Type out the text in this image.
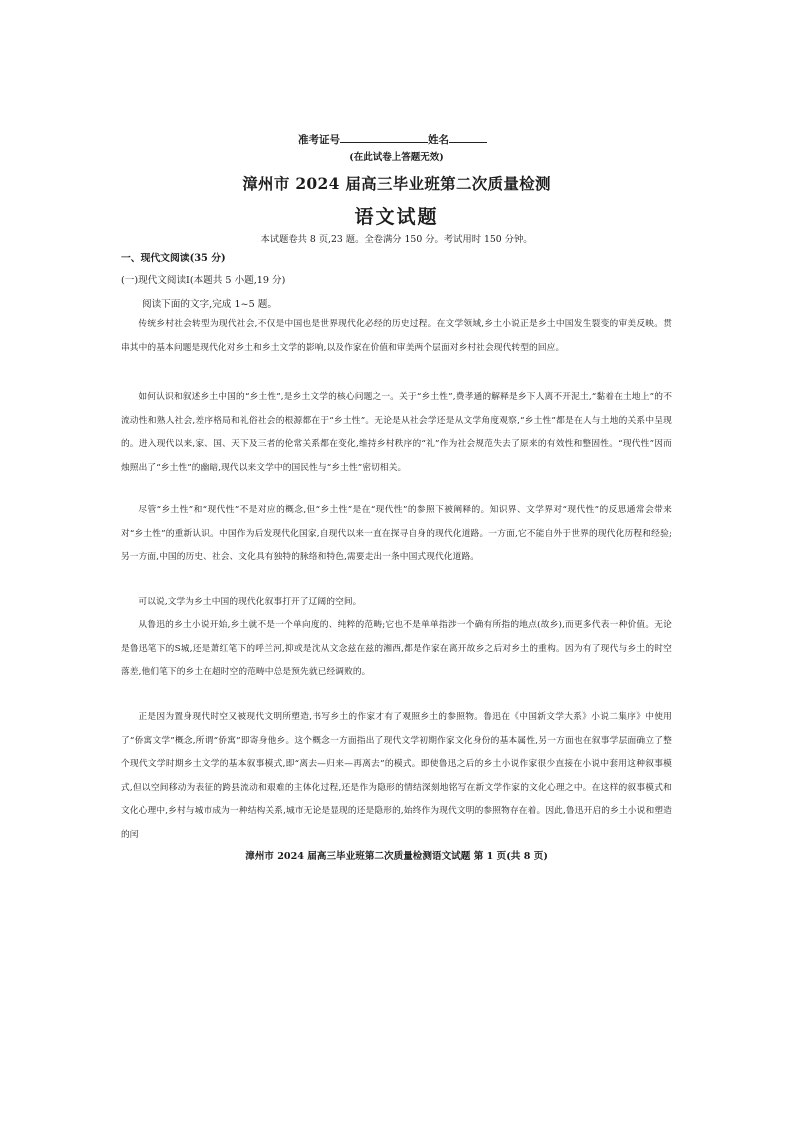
准考证号	姓名
(在此试卷上答题无效)
漳州市 2024 届高三毕业班第二次质量检测
语文试题
本试题卷共 8 页,23 题。全卷满分 150 分。考试用时 150 分钟。
一、现代文阅读(35 分)
(一)现代文阅读Ⅰ(本题共 5 小题,19 分)
阅读下面的文字,完成 1~5 题。

传统乡村社会转型为现代社会,不仅是中国也是世界现代化必经的历史过程。在文学领域,乡土小说正是乡土中国发生裂变的审美反映。贯串其中的基本问题是现代化对乡土和乡土文学的影响,以及作家在价值和审美两个层面对乡村社会现代转型的回应。

如何认识和叙述乡土中国的“乡土性”,是乡土文学的核心问题之一。关于“乡土性”,费孝通的解释是乡下人离不开泥土,“黏着在土地上”的不流动性和熟人社会,差序格局和礼俗社会的根源都在于“乡土性”。无论是从社会学还是从文学角度观察,“乡土性”都是在人与土地的关系中呈现的。进入现代以来,家、国、天下及三者的伦常关系都在变化,维持乡村秩序的“礼”作为社会规范失去了原来的有效性和整固性。“现代性”因而烛照出了“乡土性”的幽暗,现代以来文学中的国民性与“乡土性”密切相关。

尽管“乡土性”和“现代性”不是对应的概念,但“乡土性”是在“现代性”的参照下被阐释的。知识界、文学界对“现代性”的反思通常会带来对“乡土性”的重新认识。中国作为后发现代化国家,自现代以来一直在探寻自身的现代化道路。一方面,它不能自外于世界的现代化历程和经验;另一方面,中国的历史、社会、文化具有独特的脉络和特色,需要走出一条中国式现代化道路。

可以说,文学为乡土中国的现代化叙事打开了辽阔的空间。

从鲁迅的乡土小说开始,乡土就不是一个单向度的、纯粹的范畴;它也不是单单指涉一个确有所指的地点(故乡),而更多代表一种价值。无论是鲁迅笔下的S城,还是萧红笔下的呼兰河,抑或是沈从文念兹在兹的湘西,都是作家在离开故乡之后对乡土的重构。因为有了现代与乡土的时空落差,他们笔下的乡土在超时空的范畴中总是预先就已经调败的。

正是因为置身现代时空又被现代文明所塑造,书写乡土的作家才有了观照乡土的参照物。鲁迅在《中国新文学大系》小说二集序》中使用了“侨寓文学”概念,所谓“侨寓”即寄身他乡。这个概念一方面指出了现代文学初期作家文化身份的基本属性,另一方面也在叙事学层面确立了整个现代文学时期乡土文学的基本叙事模式,即“离去—归来—再离去”的模式。即使鲁迅之后的乡土小说作家很少直接在小说中套用这种叙事模式,但以空间移动为表征的跨县流动和艰难的主体化过程,还是作为隐形的情结深刻地铭写在新文学作家的文化心理之中。在这样的叙事模式和文化心理中,乡村与城市成为一种结构关系,城市无论是显现的还是隐形的,始终作为现代文明的参照物存在着。因此,鲁迅开启的乡土小说和塑造的闰

漳州市 2024 届高三毕业班第二次质量检测语文试题 第 1 页(共 8 页)
